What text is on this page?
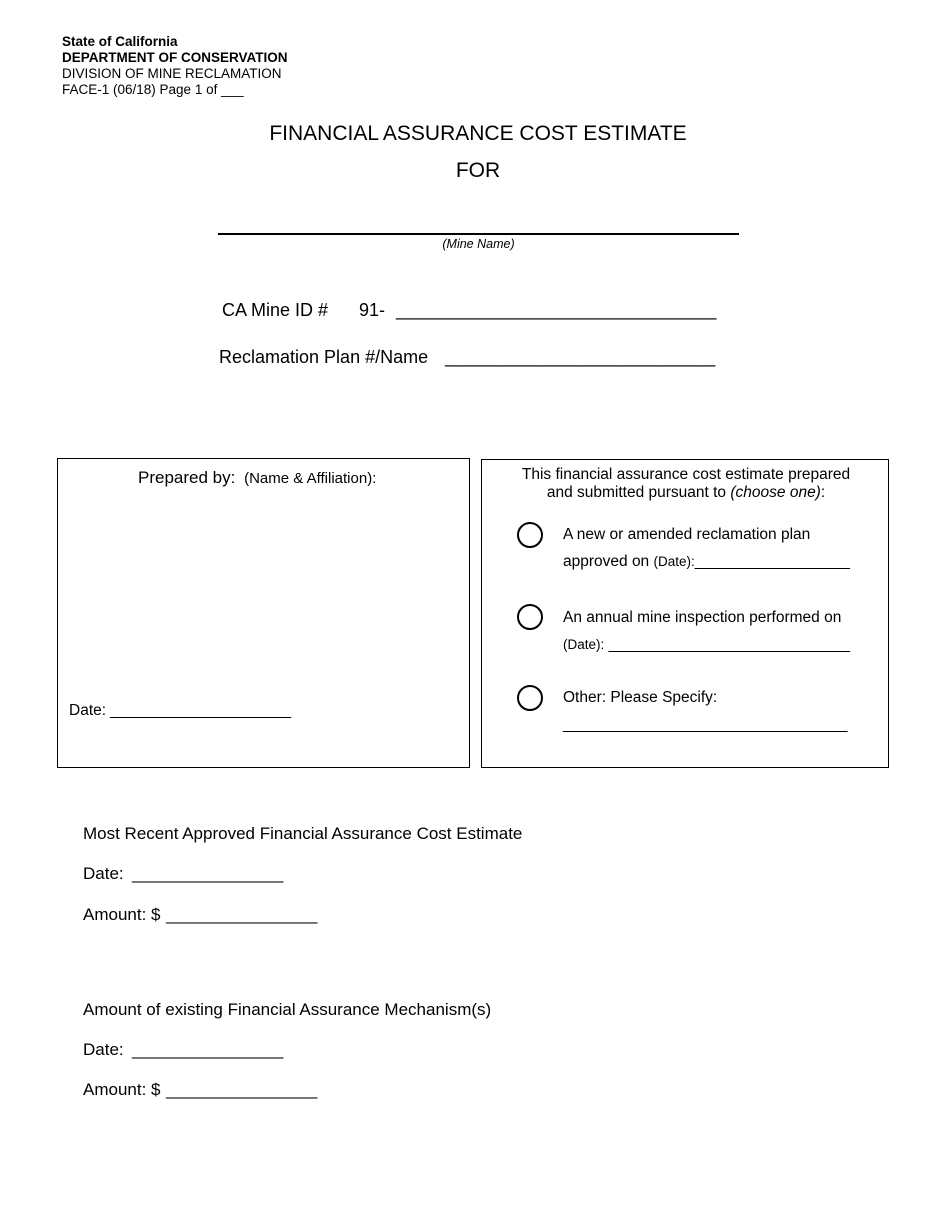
State of California
DEPARTMENT OF CONSERVATION
DIVISION OF MINE RECLAMATION
FACE-1 (06/18) Page 1 of ___
FINANCIAL ASSURANCE COST ESTIMATE
FOR
(Mine Name)
CA Mine ID # 91- ________________________________
Reclamation Plan #/Name ___________________________
Prepared by: (Name & Affiliation):
Date: _____________________
This financial assurance cost estimate prepared
and submitted pursuant to (choose one):
A new or amended reclamation plan
approved on (Date):__________________
An annual mine inspection performed on
(Date): ____________________________
Other: Please Specify:
_________________________________
Most Recent Approved Financial Assurance Cost Estimate
Date: ________________
Amount: $ ________________
Amount of existing Financial Assurance Mechanism(s)
Date: ________________
Amount: $ ________________
